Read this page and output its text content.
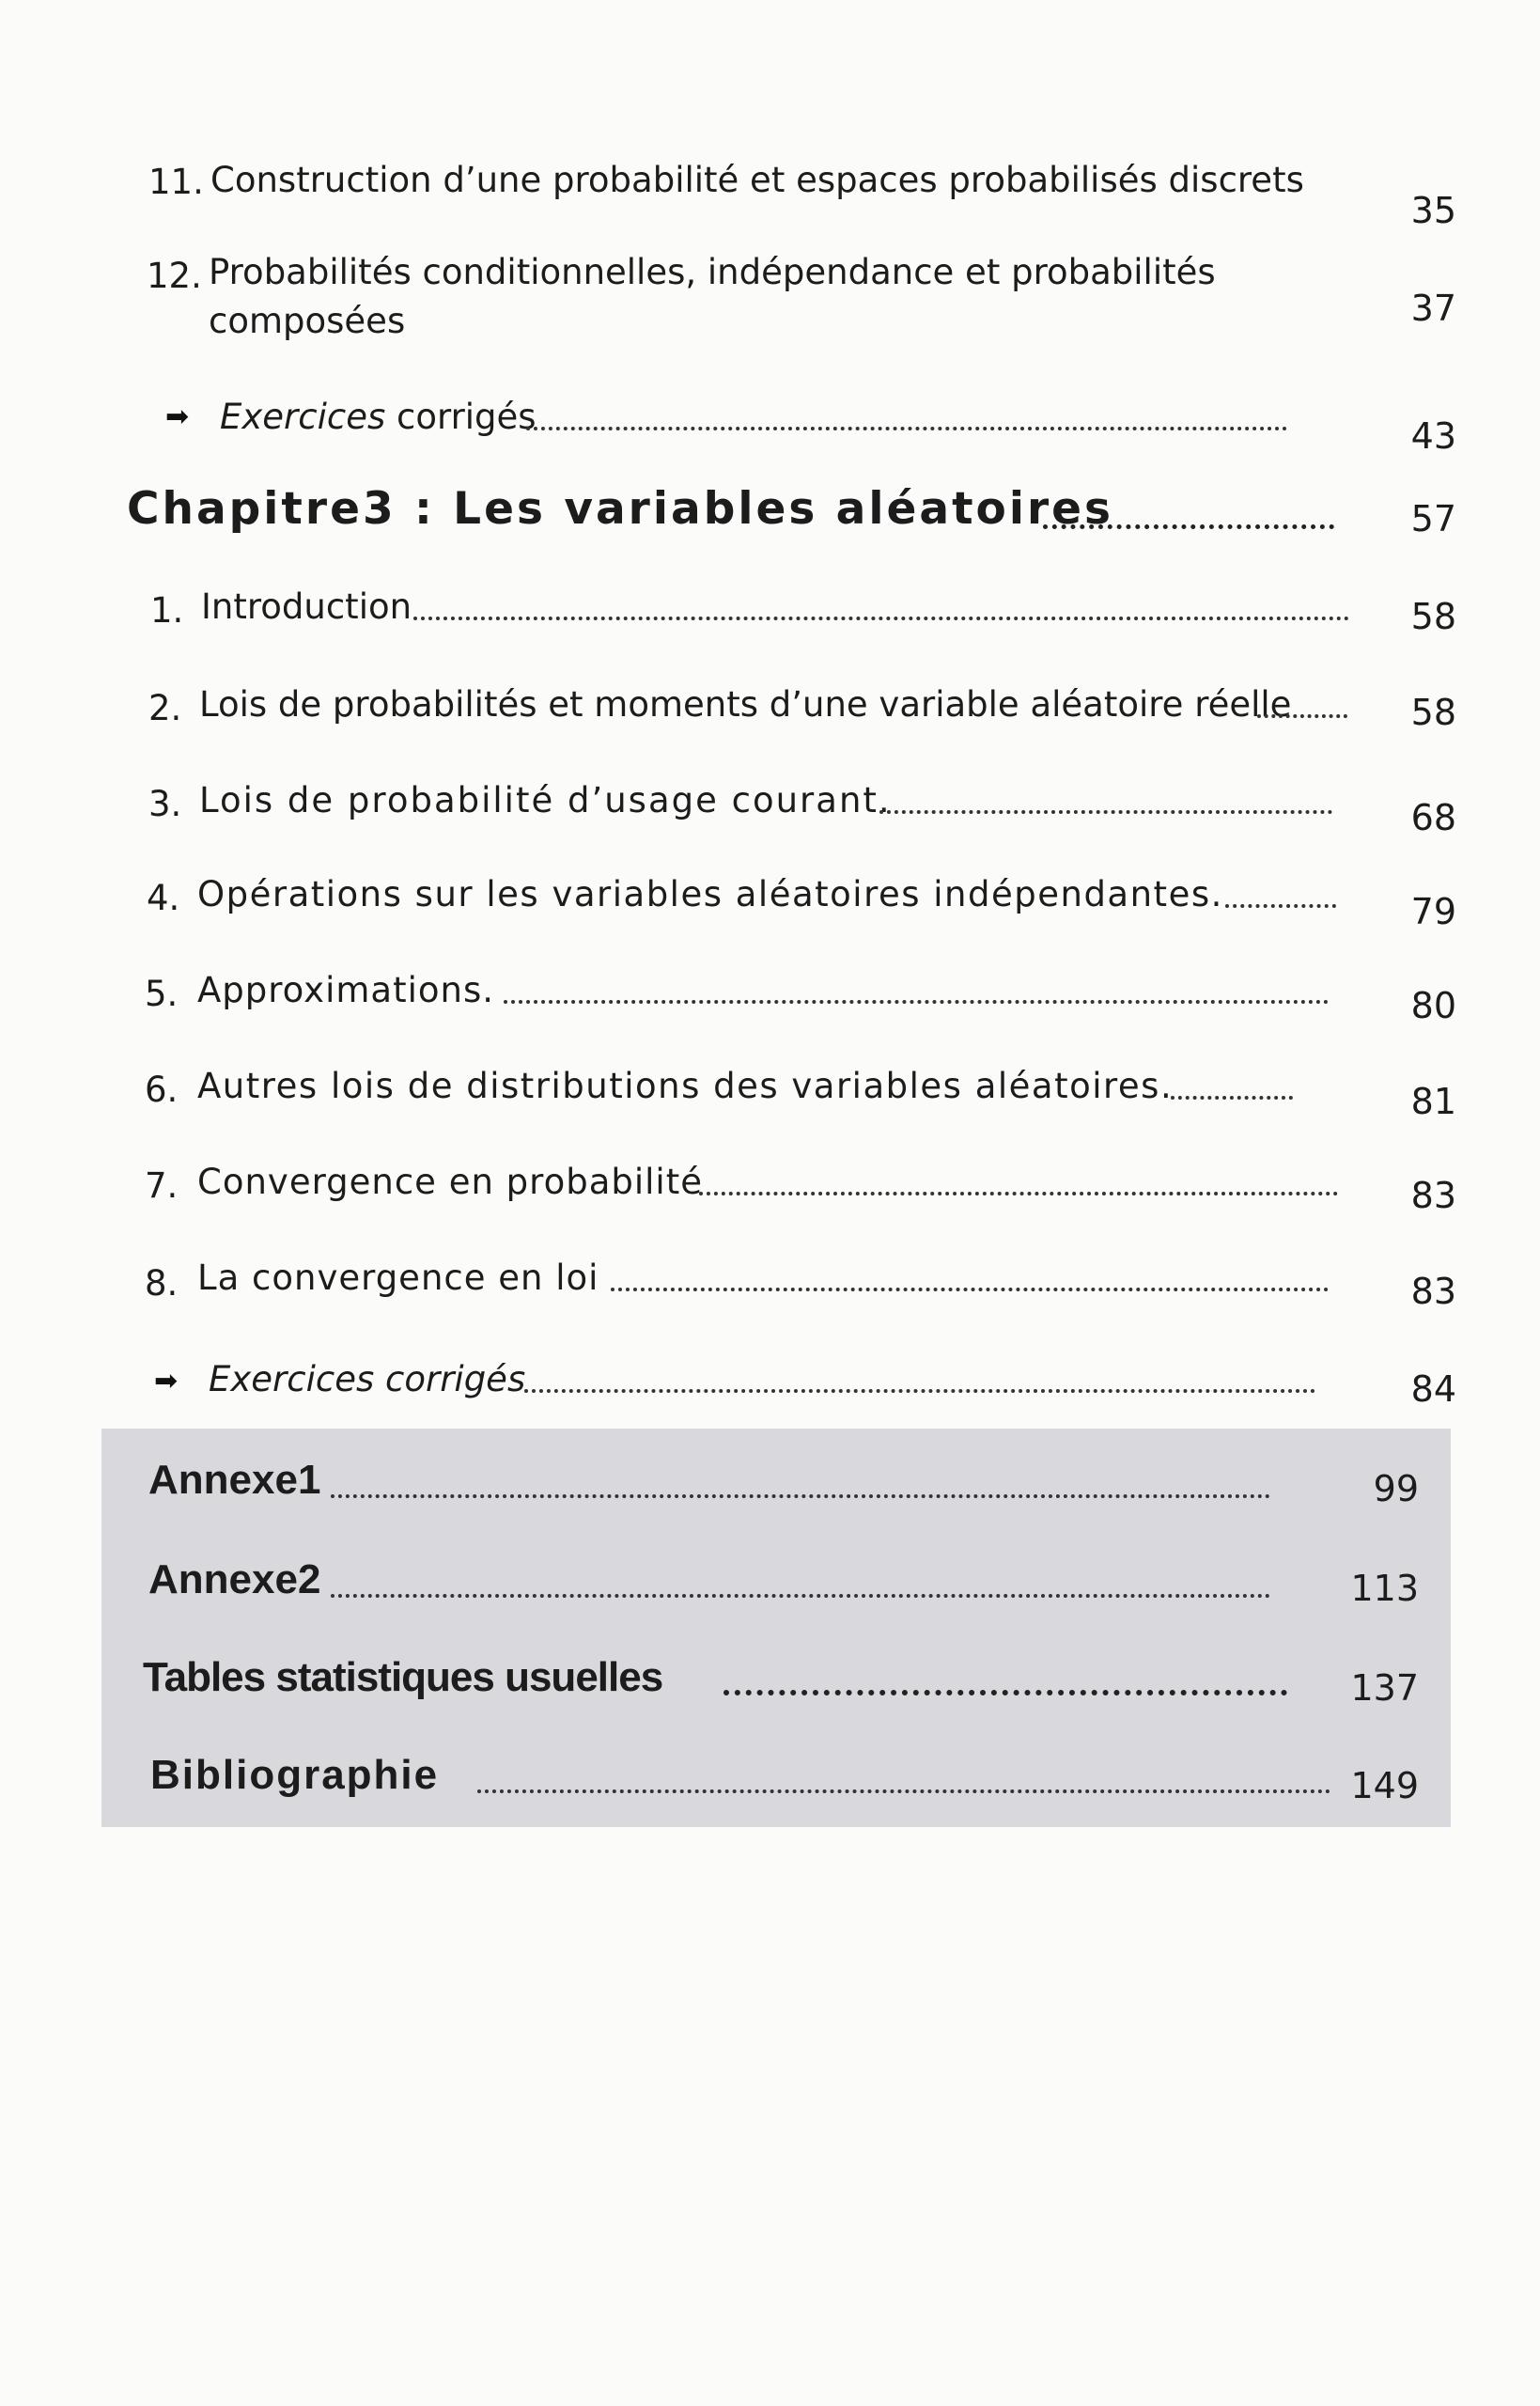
11. Construction d’une probabilité et espaces probabilisés discrets
35
12. Probabilités conditionnelles, indépendance et probabilités
composées	37
➡ Exercices corrigés	43
Chapitre3 : Les variables aléatoires	57
1. Introduction	58
2. Lois de probabilités et moments d’une variable aléatoire réelle	58
3. Lois de probabilité d’usage courant.	68
4. Opérations sur les variables aléatoires indépendantes.	79
5. Approximations.	80
6. Autres lois de distributions des variables aléatoires.	81
7. Convergence en probabilité	83
8. La convergence en loi	83
➡ Exercices corrigés	84
Annexe1	99
Annexe2	113
Tables statistiques usuelles	137
Bibliographie	149
